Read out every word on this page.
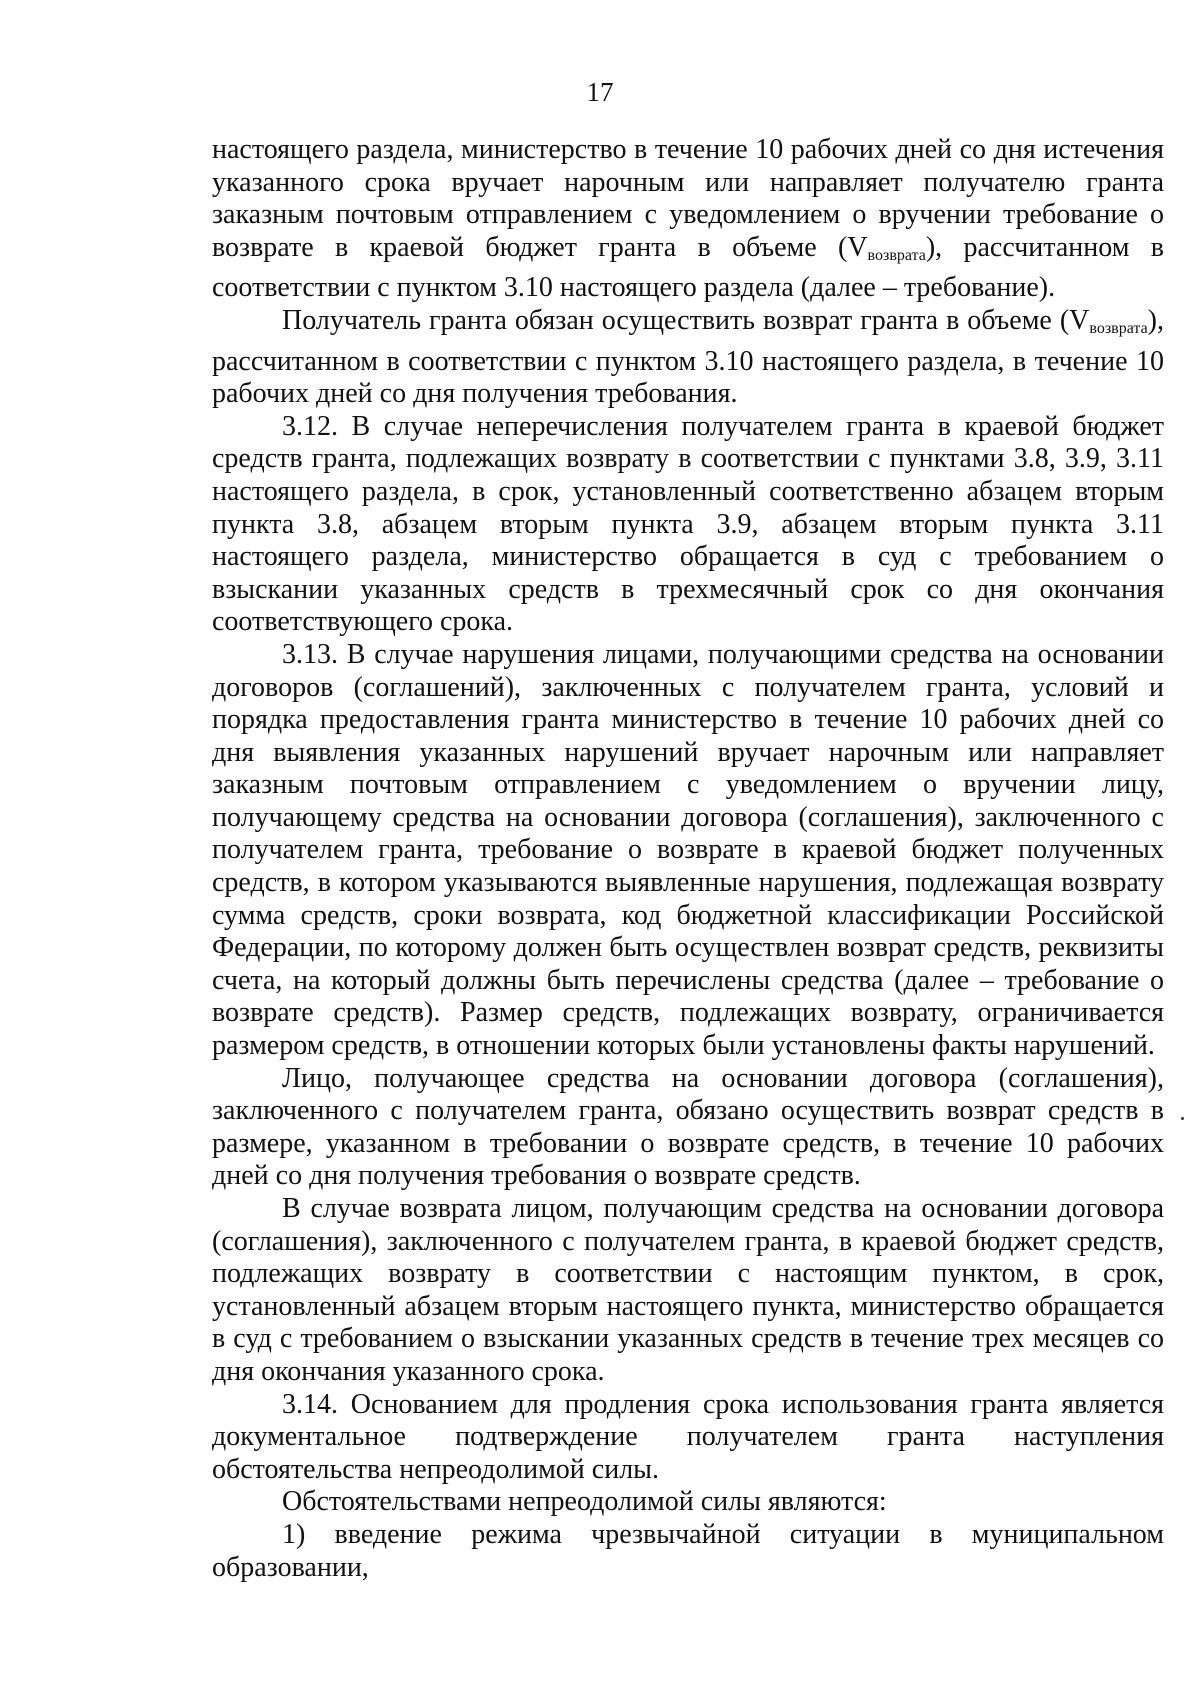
17

настоящего раздела, министерство в течение 10 рабочих дней со дня истечения указанного срока вручает нарочным или направляет получателю гранта заказным почтовым отправлением с уведомлением о вручении требование о возврате в краевой бюджет гранта в объеме $(V_{возврата})$, рассчитанном в соответствии с пунктом 3.10 настоящего раздела (далее – требование).

Получатель гранта обязан осуществить возврат гранта в объеме $(V_{возврата})$, рассчитанном в соответствии с пунктом 3.10 настоящего раздела, в течение 10 рабочих дней со дня получения требования.

3.12. В случае неперечисления получателем гранта в краевой бюджет средств гранта, подлежащих возврату в соответствии с пунктами 3.8, 3.9, 3.11 настоящего раздела, в срок, установленный соответственно абзацем вторым пункта 3.8, абзацем вторым пункта 3.9, абзацем вторым пункта 3.11 настоящего раздела, министерство обращается в суд с требованием о взыскании указанных средств в трехмесячный срок со дня окончания соответствующего срока.

3.13. В случае нарушения лицами, получающими средства на основании договоров (соглашений), заключенных с получателем гранта, условий и порядка предоставления гранта министерство в течение 10 рабочих дней со дня выявления указанных нарушений вручает нарочным или направляет заказным почтовым отправлением с уведомлением о вручении лицу, получающему средства на основании договора (соглашения), заключенного с получателем гранта, требование о возврате в краевой бюджет полученных средств, в котором указываются выявленные нарушения, подлежащая возврату сумма средств, сроки возврата, код бюджетной классификации Российской Федерации, по которому должен быть осуществлен возврат средств, реквизиты счета, на который должны быть перечислены средства (далее – требование о возврате средств). Размер средств, подлежащих возврату, ограничивается размером средств, в отношении которых были установлены факты нарушений.

Лицо, получающее средства на основании договора (соглашения), заключенного с получателем гранта, обязано осуществить возврат средств в размере, указанном в требовании о возврате средств, в течение 10 рабочих дней со дня получения требования о возврате средств.

В случае возврата лицом, получающим средства на основании договора (соглашения), заключенного с получателем гранта, в краевой бюджет средств, подлежащих возврату в соответствии с настоящим пунктом, в срок, установленный абзацем вторым настоящего пункта, министерство обращается в суд с требованием о взыскании указанных средств в течение трех месяцев со дня окончания указанного срока.

3.14. Основанием для продления срока использования гранта является документальное подтверждение получателем гранта наступления обстоятельства непреодолимой силы.

Обстоятельствами непреодолимой силы являются:

1) введение режима чрезвычайной ситуации в муниципальном образовании,
